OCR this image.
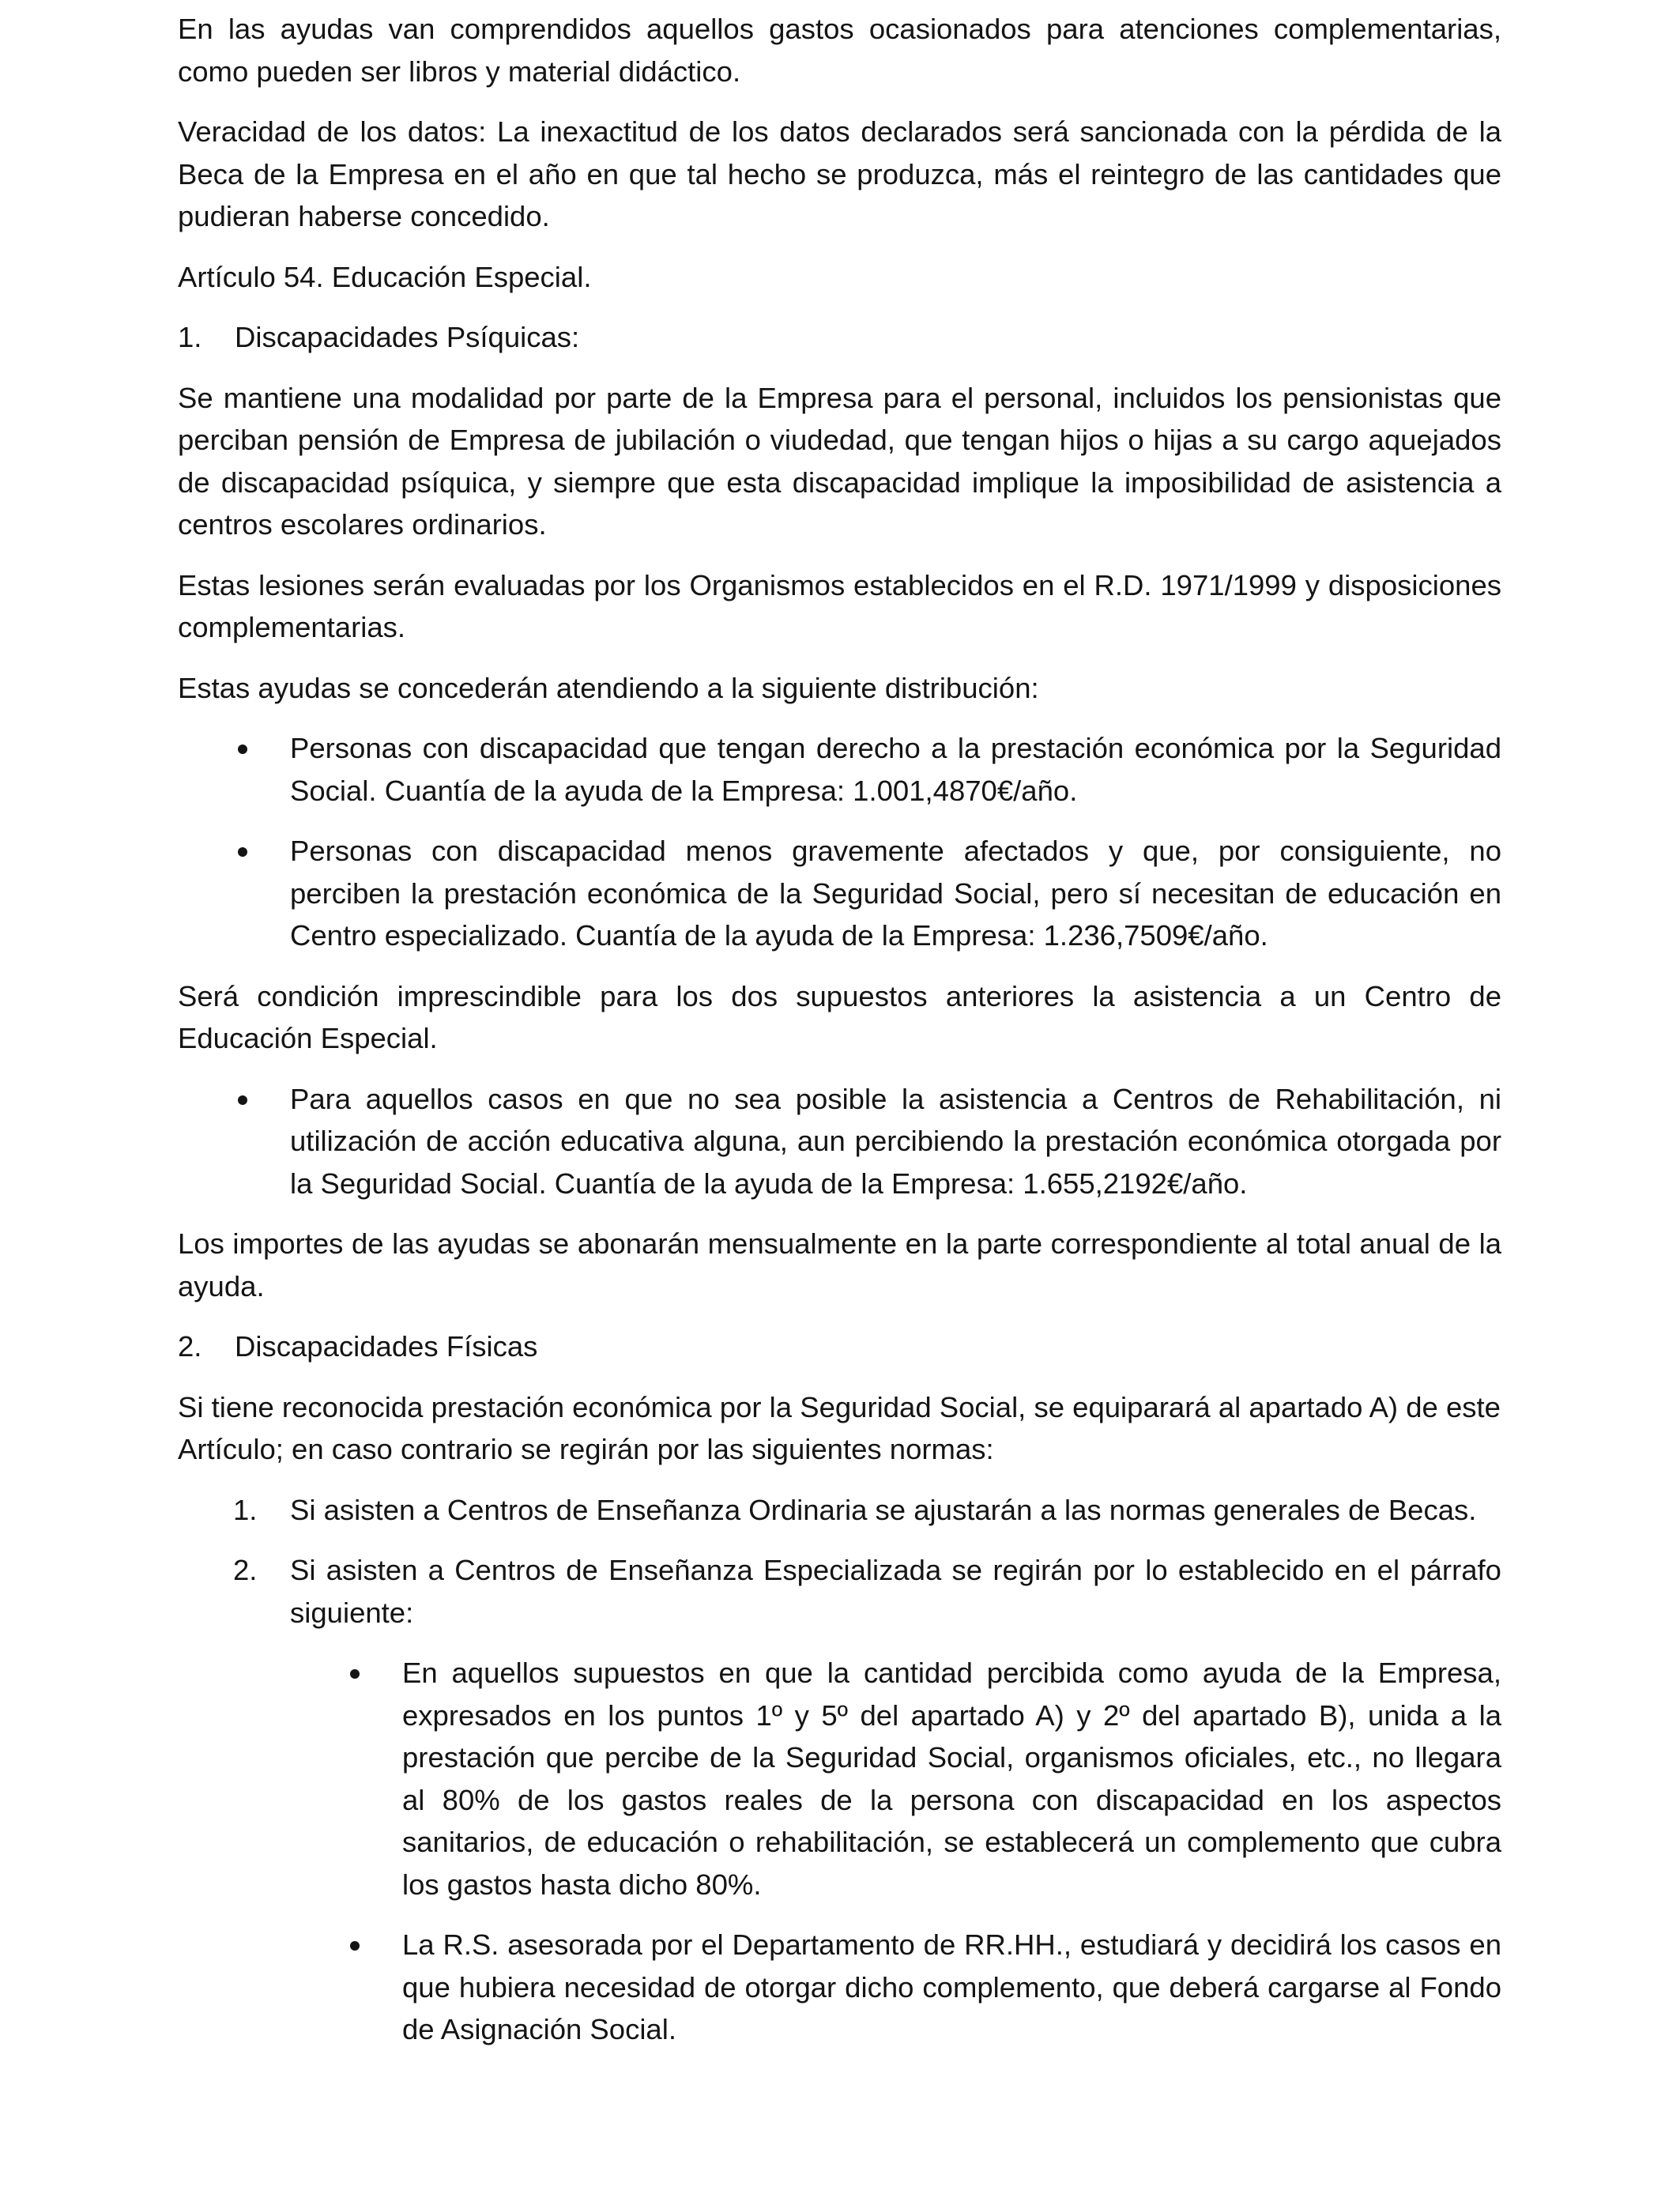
En las ayudas van comprendidos aquellos gastos ocasionados para atenciones complementarias, como pueden ser libros y material didáctico.

Veracidad de los datos: La inexactitud de los datos declarados será sancionada con la pérdida de la Beca de la Empresa en el año en que tal hecho se produzca, más el reintegro de las cantidades que pudieran haberse concedido.

Artículo 54. Educación Especial.

1.	Discapacidades Psíquicas:

Se mantiene una modalidad por parte de la Empresa para el personal, incluidos los pensionistas que perciban pensión de Empresa de jubilación o viudedad, que tengan hijos o hijas a su cargo aquejados de discapacidad psíquica, y siempre que esta discapacidad implique la imposibilidad de asistencia a centros escolares ordinarios.

Estas lesiones serán evaluadas por los Organismos establecidos en el R.D. 1971/1999 y disposiciones complementarias.

Estas ayudas se concederán atendiendo a la siguiente distribución:

Personas con discapacidad que tengan derecho a la prestación económica por la Seguridad Social. Cuantía de la ayuda de la Empresa: 1.001,4870€/año.
Personas con discapacidad menos gravemente afectados y que, por consiguiente, no perciben la prestación económica de la Seguridad Social, pero sí necesitan de educación en Centro especializado. Cuantía de la ayuda de la Empresa: 1.236,7509€/año.

Será condición imprescindible para los dos supuestos anteriores la asistencia a un Centro de Educación Especial.

Para aquellos casos en que no sea posible la asistencia a Centros de Rehabilitación, ni utilización de acción educativa alguna, aun percibiendo la prestación económica otorgada por la Seguridad Social. Cuantía de la ayuda de la Empresa: 1.655,2192€/año.

Los importes de las ayudas se abonarán mensualmente en la parte correspondiente al total anual de la ayuda.

2.	Discapacidades Físicas

Si tiene reconocida prestación económica por la Seguridad Social, se equiparará al apartado A) de este Artículo; en caso contrario se regirán por las siguientes normas:

1.	Si asisten a Centros de Enseñanza Ordinaria se ajustarán a las normas generales de Becas.
2.	Si asisten a Centros de Enseñanza Especializada se regirán por lo establecido en el párrafo siguiente:
En aquellos supuestos en que la cantidad percibida como ayuda de la Empresa, expresados en los puntos 1º y 5º del apartado A) y 2º del apartado B), unida a la prestación que percibe de la Seguridad Social, organismos oficiales, etc., no llegara al 80% de los gastos reales de la persona con discapacidad en los aspectos sanitarios, de educación o rehabilitación, se establecerá un complemento que cubra los gastos hasta dicho 80%.
La R.S. asesorada por el Departamento de RR.HH., estudiará y decidirá los casos en que hubiera necesidad de otorgar dicho complemento, que deberá cargarse al Fondo de Asignación Social.
